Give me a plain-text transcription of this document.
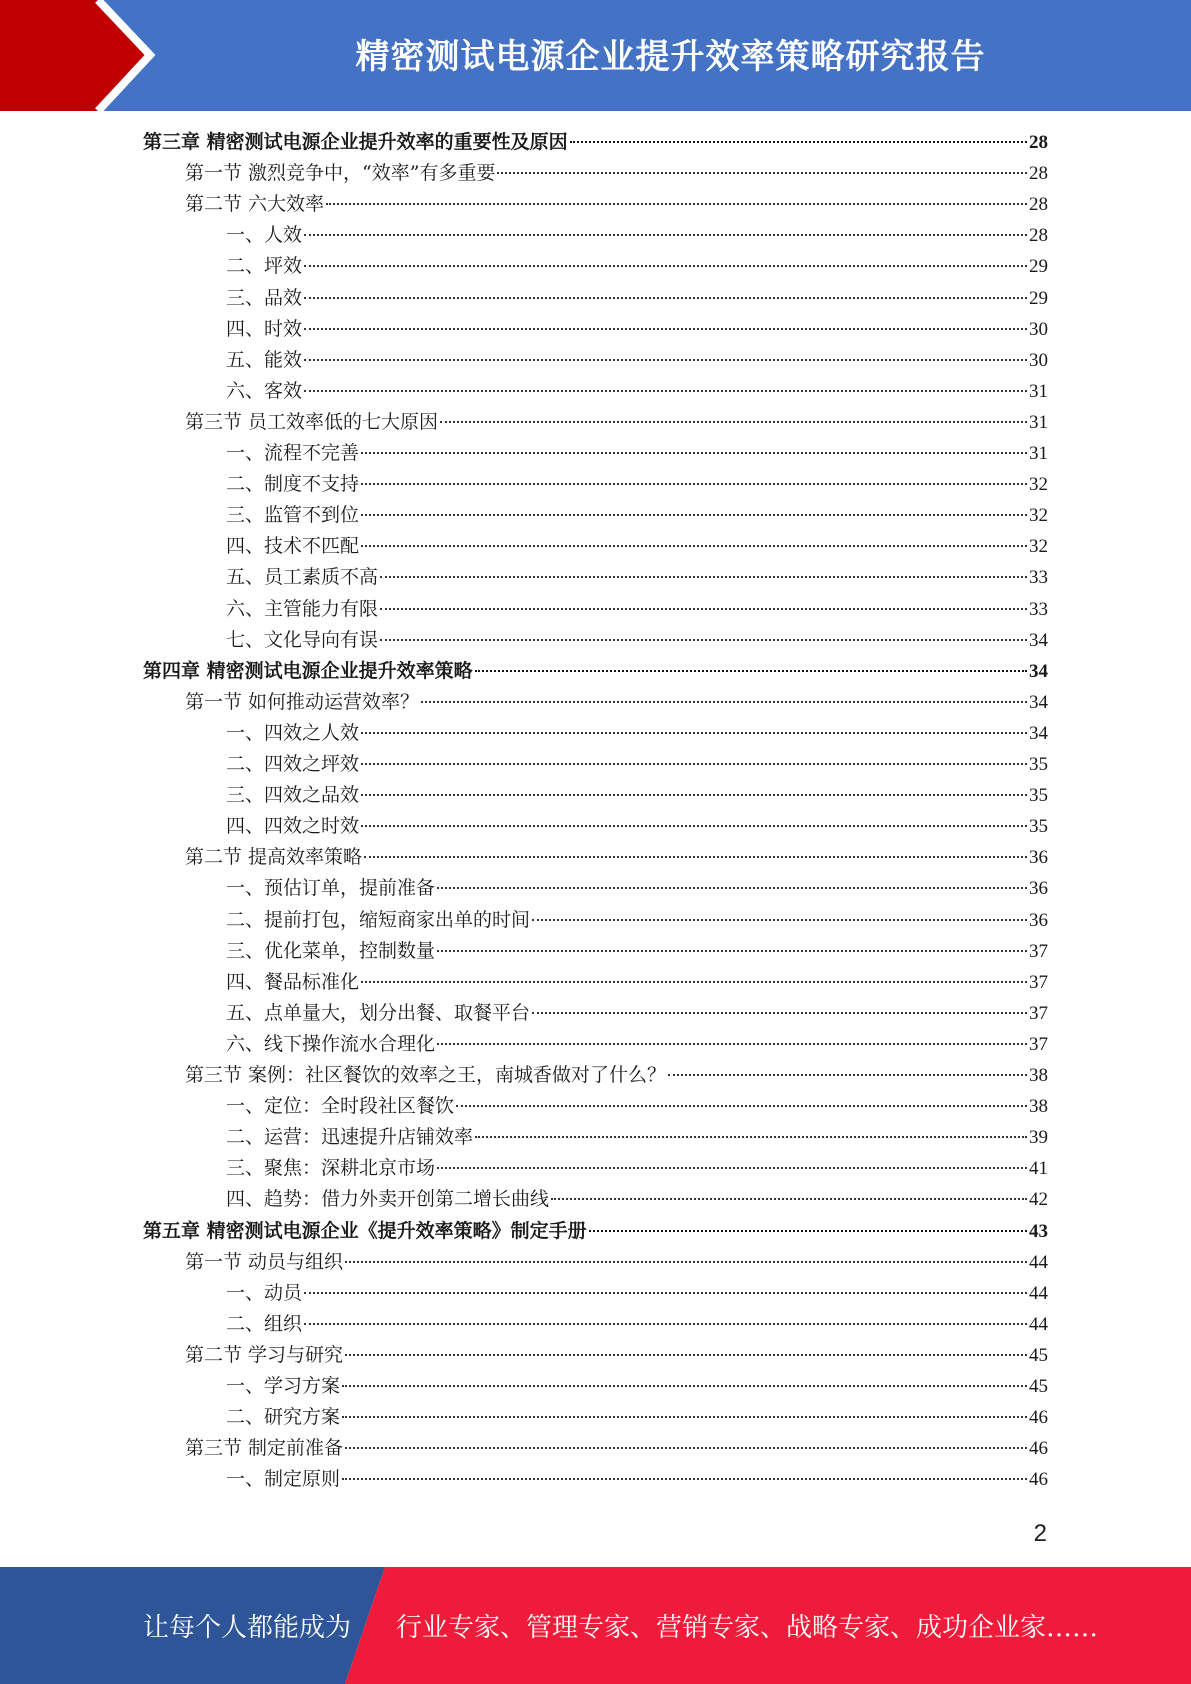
精密测试电源企业提升效率策略研究报告
第三章 精密测试电源企业提升效率的重要性及原因	28
第一节 激烈竞争中，“效率”有多重要	28
第二节 六大效率	28
一、人效	28
二、坪效	29
三、品效	29
四、时效	30
五、能效	30
六、客效	31
第三节 员工效率低的七大原因	31
一、流程不完善	31
二、制度不支持	32
三、监管不到位	32
四、技术不匹配	32
五、员工素质不高	33
六、主管能力有限	33
七、文化导向有误	34
第四章 精密测试电源企业提升效率策略	34
第一节 如何推动运营效率？	34
一、四效之人效	34
二、四效之坪效	35
三、四效之品效	35
四、四效之时效	35
第二节 提高效率策略	36
一、预估订单，提前准备	36
二、提前打包，缩短商家出单的时间	36
三、优化菜单，控制数量	37
四、餐品标准化	37
五、点单量大，划分出餐、取餐平台	37
六、线下操作流水合理化	37
第三节 案例：社区餐饮的效率之王，南城香做对了什么？	38
一、定位：全时段社区餐饮	38
二、运营：迅速提升店铺效率	39
三、聚焦：深耕北京市场	41
四、趋势：借力外卖开创第二增长曲线	42
第五章 精密测试电源企业《提升效率策略》制定手册	43
第一节 动员与组织	44
一、动员	44
二、组织	44
第二节 学习与研究	45
一、学习方案	45
二、研究方案	46
第三节 制定前准备	46
一、制定原则	46
2
让每个人都能成为 行业专家、管理专家、营销专家、战略专家、成功企业家……
